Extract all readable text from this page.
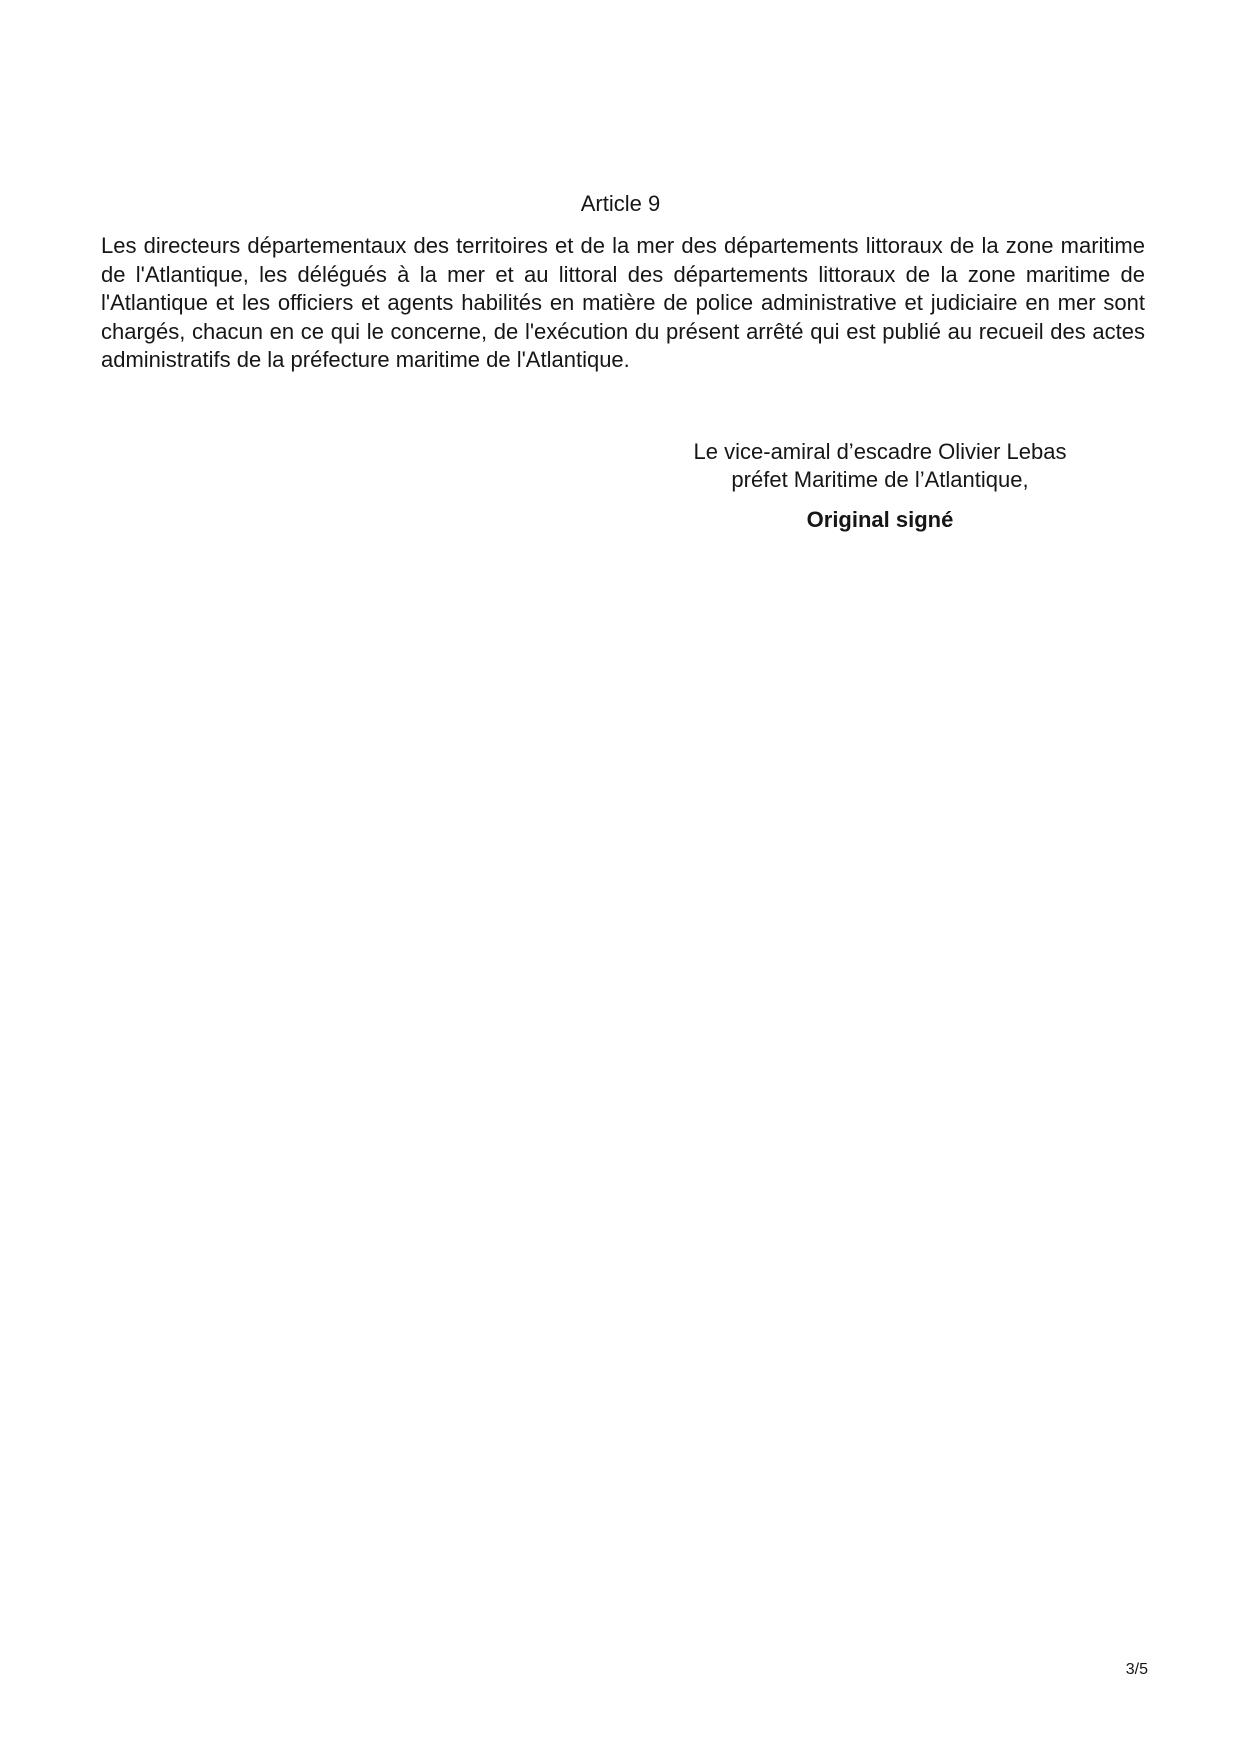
Article 9

Les directeurs départementaux des territoires et de la mer des départements littoraux de la zone maritime de l'Atlantique, les délégués à la mer et au littoral des départements littoraux de la zone maritime de l'Atlantique et les officiers et agents habilités en matière de police administrative et judiciaire en mer sont chargés, chacun en ce qui le concerne, de l'exécution du présent arrêté qui est publié au recueil des actes administratifs de la préfecture maritime de l'Atlantique.

Le vice-amiral d’escadre Olivier Lebas
préfet Maritime de l’Atlantique,
Original signé
3/5
